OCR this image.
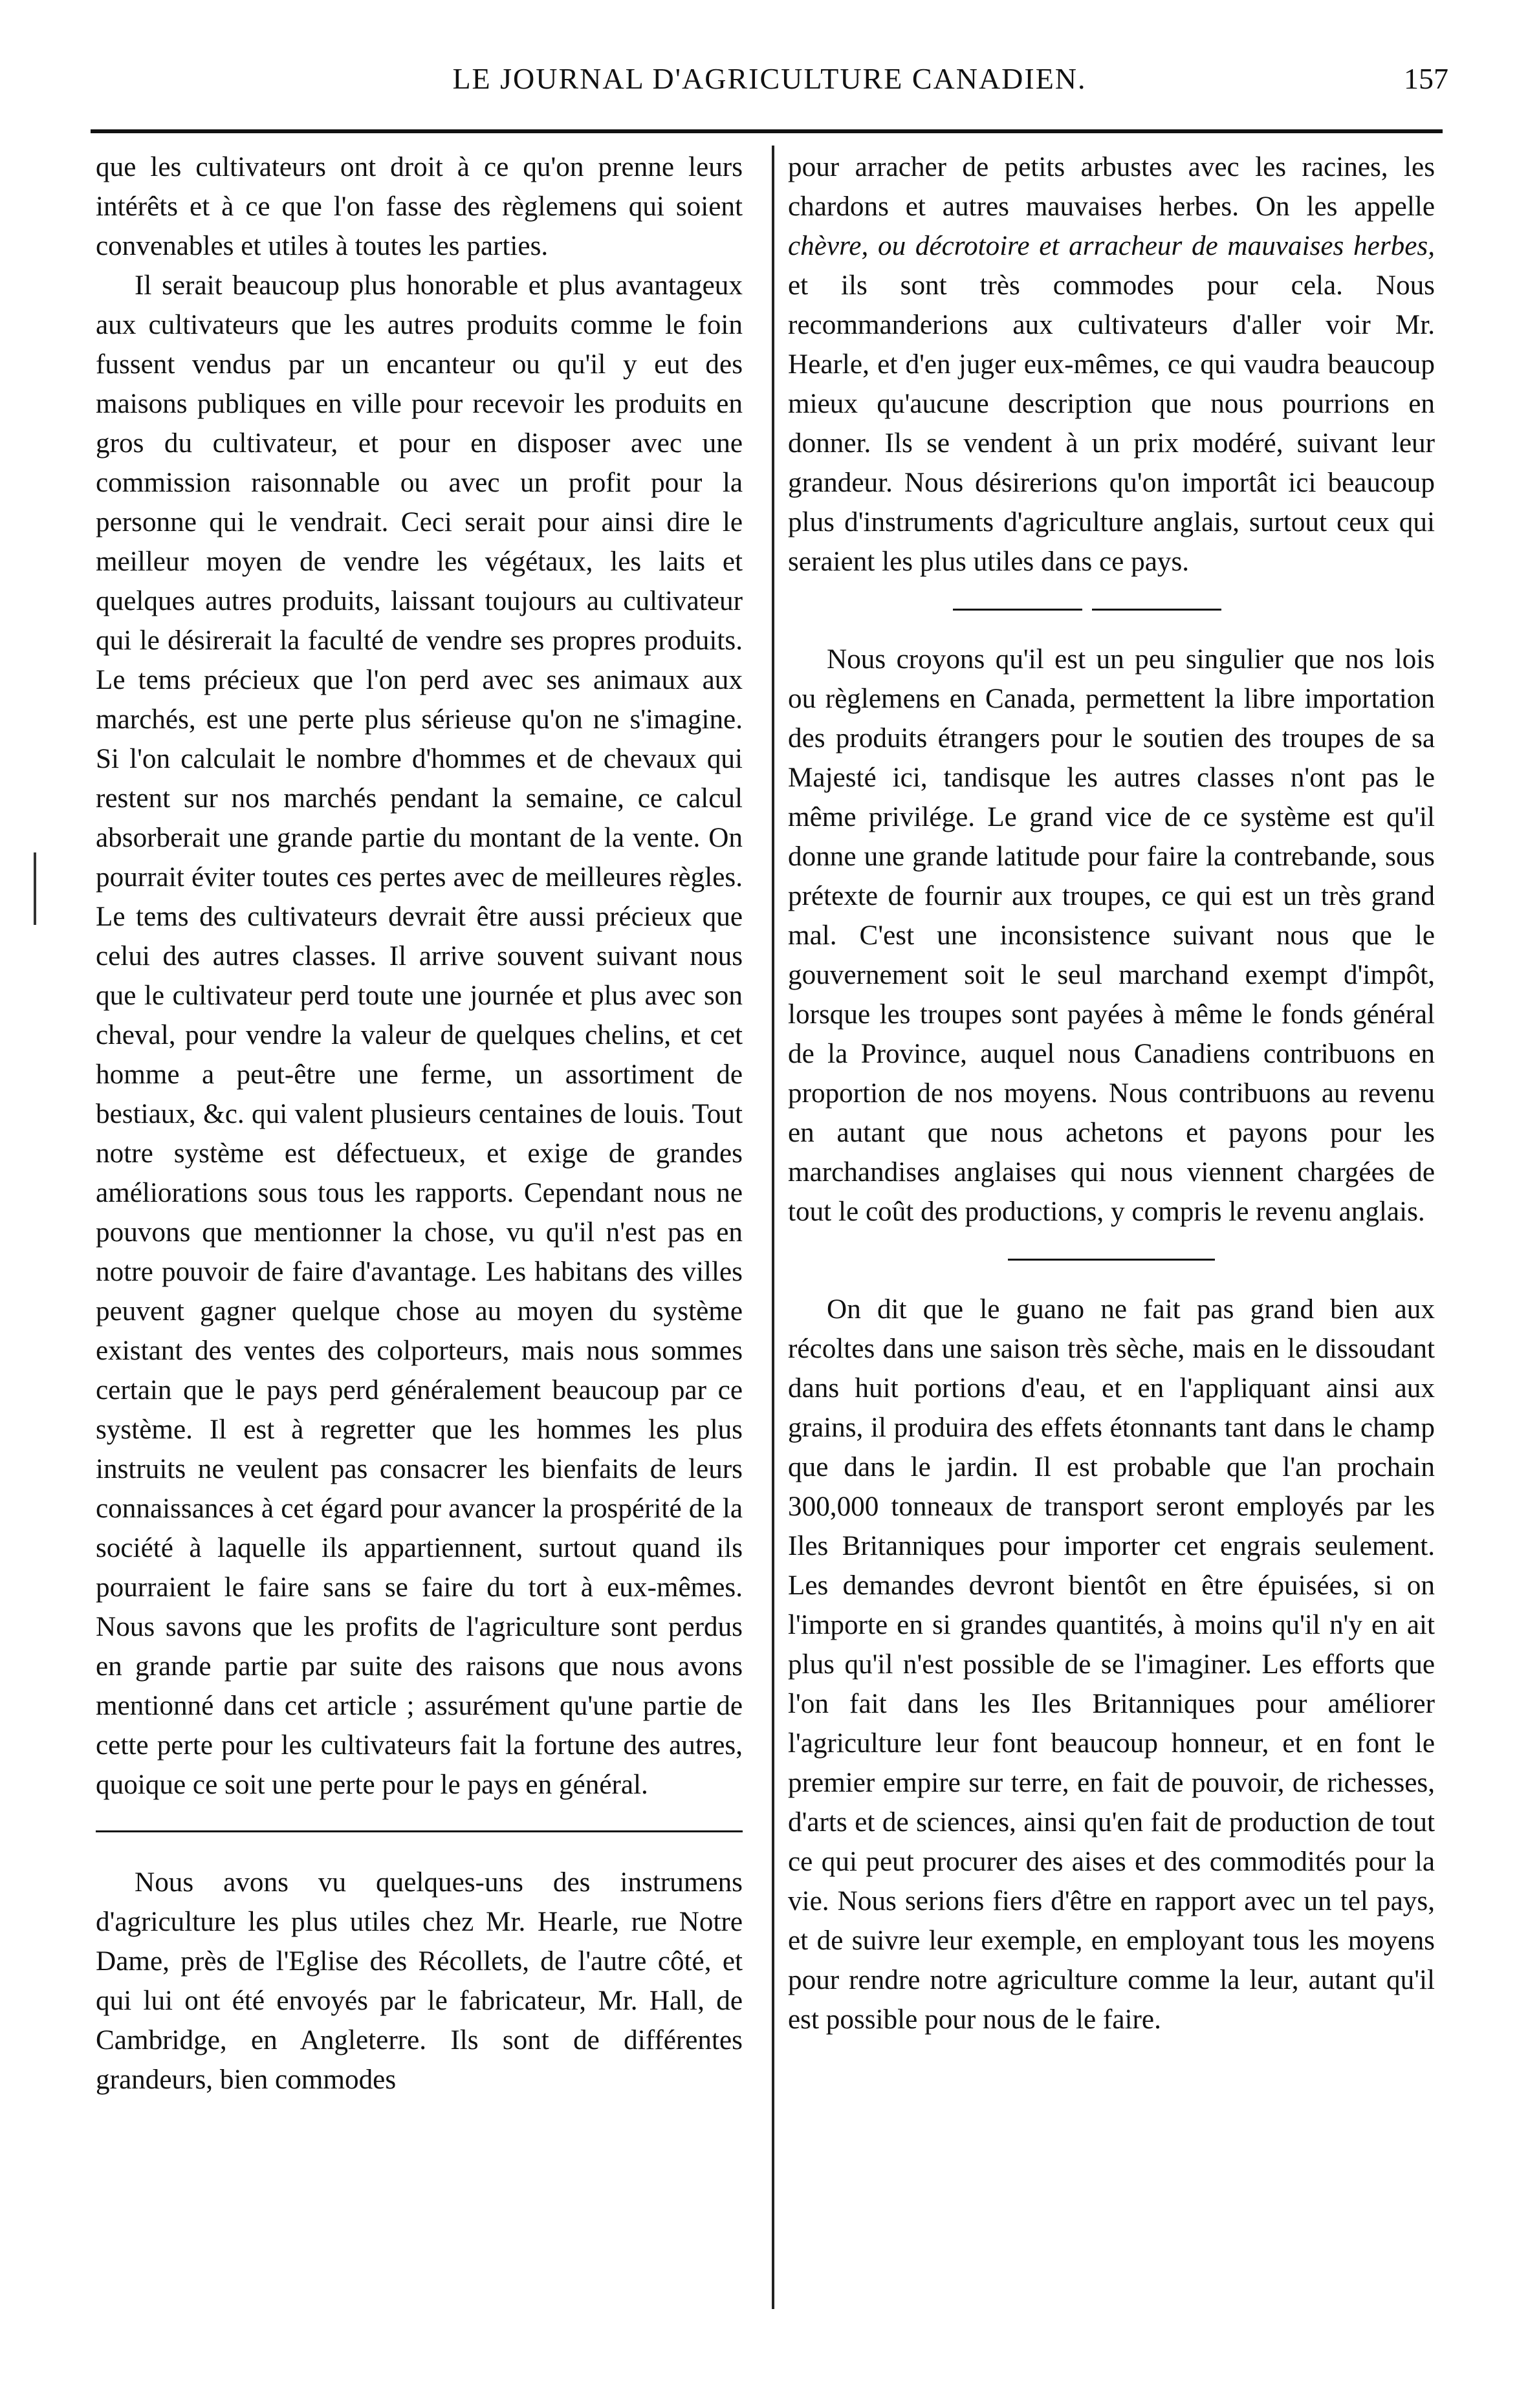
LE JOURNAL D'AGRICULTURE CANADIEN.	157

que les cultivateurs ont droit à ce qu'on prenne leurs intérêts et à ce que l'on fasse des règlemens qui soient convenables et utiles à toutes les parties.

Il serait beaucoup plus honorable et plus avantageux aux cultivateurs que les autres produits comme le foin fussent vendus par un encanteur ou qu'il y eut des maisons publiques en ville pour recevoir les produits en gros du cultivateur, et pour en disposer avec une commission raisonnable ou avec un profit pour la personne qui le vendrait. Ceci serait pour ainsi dire le meilleur moyen de vendre les végétaux, les laits et quelques autres produits, laissant toujours au cultivateur qui le désirerait la faculté de vendre ses propres produits. Le tems précieux que l'on perd avec ses animaux aux marchés, est une perte plus sérieuse qu'on ne s'imagine. Si l'on calculait le nombre d'hommes et de chevaux qui restent sur nos marchés pendant la semaine, ce calcul absorberait une grande partie du montant de la vente. On pourrait éviter toutes ces pertes avec de meilleures règles. Le tems des cultivateurs devrait être aussi précieux que celui des autres classes. Il arrive souvent suivant nous que le cultivateur perd toute une journée et plus avec son cheval, pour vendre la valeur de quelques chelins, et cet homme a peut-être une ferme, un assortiment de bestiaux, &c. qui valent plusieurs centaines de louis. Tout notre système est défectueux, et exige de grandes améliorations sous tous les rapports. Cependant nous ne pouvons que mentionner la chose, vu qu'il n'est pas en notre pouvoir de faire d'avantage. Les habitans des villes peuvent gagner quelque chose au moyen du système existant des ventes des colporteurs, mais nous sommes certain que le pays perd généralement beaucoup par ce système. Il est à regretter que les hommes les plus instruits ne veulent pas consacrer les bienfaits de leurs connaissances à cet égard pour avancer la prospérité de la société à laquelle ils appartiennent, surtout quand ils pourraient le faire sans se faire du tort à eux-mêmes. Nous savons que les profits de l'agriculture sont perdus en grande partie par suite des raisons que nous avons mentionné dans cet article ; assurément qu'une partie de cette perte pour les cultivateurs fait la fortune des autres, quoique ce soit une perte pour le pays en général.

Nous avons vu quelques-uns des instrumens d'agriculture les plus utiles chez Mr. Hearle, rue Notre Dame, près de l'Eglise des Récollets, de l'autre côté, et qui lui ont été envoyés par le fabricateur, Mr. Hall, de Cambridge, en Angleterre. Ils sont de différentes grandeurs, bien commodes

pour arracher de petits arbustes avec les racines, les chardons et autres mauvaises herbes. On les appelle chèvre, ou décrotoire et arracheur de mauvaises herbes, et ils sont très commodes pour cela. Nous recommanderions aux cultivateurs d'aller voir Mr. Hearle, et d'en juger eux-mêmes, ce qui vaudra beaucoup mieux qu'aucune description que nous pourrions en donner. Ils se vendent à un prix modéré, suivant leur grandeur. Nous désirerions qu'on importât ici beaucoup plus d'instruments d'agriculture anglais, surtout ceux qui seraient les plus utiles dans ce pays.

Nous croyons qu'il est un peu singulier que nos lois ou règlemens en Canada, permettent la libre importation des produits étrangers pour le soutien des troupes de sa Majesté ici, tandisque les autres classes n'ont pas le même privilége. Le grand vice de ce système est qu'il donne une grande latitude pour faire la contrebande, sous prétexte de fournir aux troupes, ce qui est un très grand mal. C'est une inconsistence suivant nous que le gouvernement soit le seul marchand exempt d'impôt, lorsque les troupes sont payées à même le fonds général de la Province, auquel nous Canadiens contribuons en proportion de nos moyens. Nous contribuons au revenu en autant que nous achetons et payons pour les marchandises anglaises qui nous viennent chargées de tout le coût des productions, y compris le revenu anglais.

On dit que le guano ne fait pas grand bien aux récoltes dans une saison très sèche, mais en le dissoudant dans huit portions d'eau, et en l'appliquant ainsi aux grains, il produira des effets étonnants tant dans le champ que dans le jardin. Il est probable que l'an prochain 300,000 tonneaux de transport seront employés par les Iles Britanniques pour importer cet engrais seulement. Les demandes devront bientôt en être épuisées, si on l'importe en si grandes quantités, à moins qu'il n'y en ait plus qu'il n'est possible de se l'imaginer. Les efforts que l'on fait dans les Iles Britanniques pour améliorer l'agriculture leur font beaucoup honneur, et en font le premier empire sur terre, en fait de pouvoir, de richesses, d'arts et de sciences, ainsi qu'en fait de production de tout ce qui peut procurer des aises et des commodités pour la vie. Nous serions fiers d'être en rapport avec un tel pays, et de suivre leur exemple, en employant tous les moyens pour rendre notre agriculture comme la leur, autant qu'il est possible pour nous de le faire.
